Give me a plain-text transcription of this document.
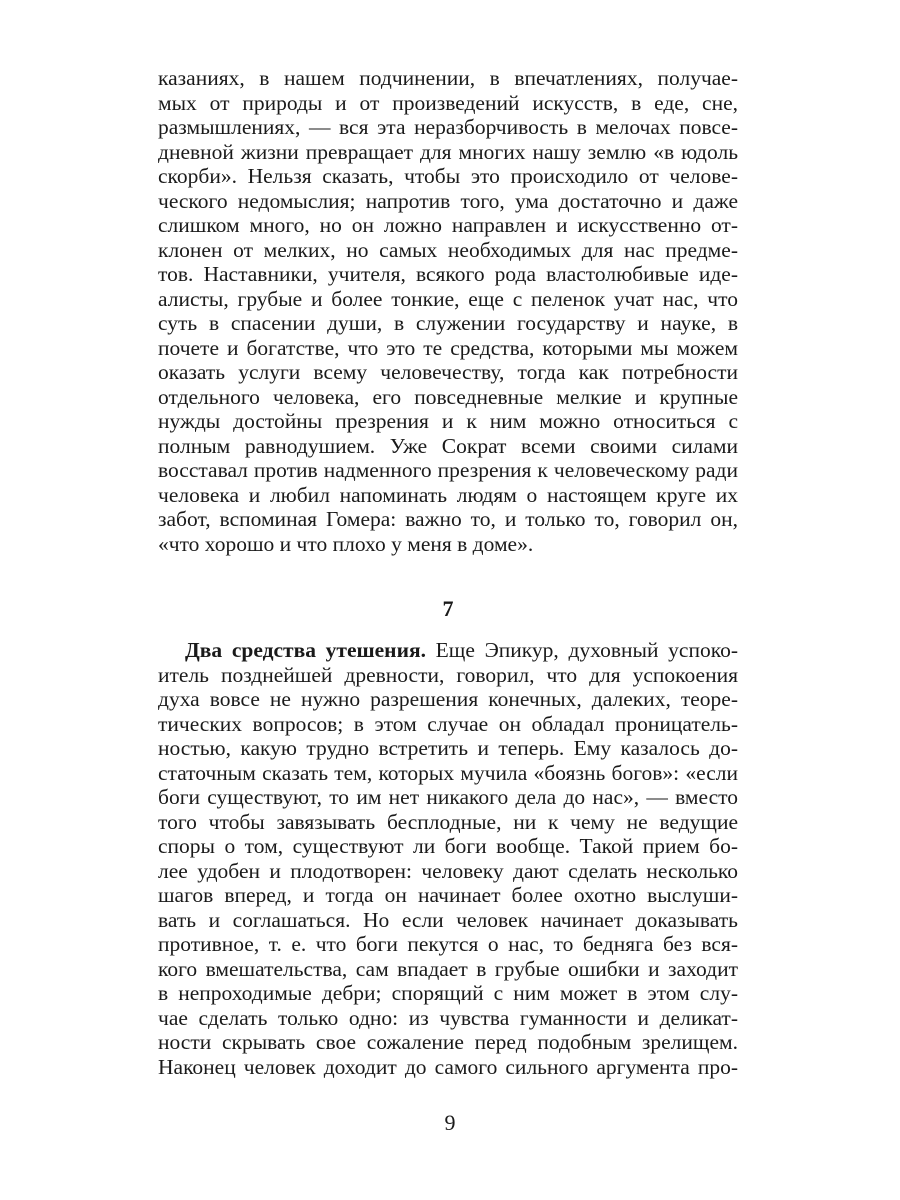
казаниях, в нашем подчинении, в впечатлениях, получае-
мых от природы и от произведений искусств, в еде, сне,
размышлениях, — вся эта неразборчивость в мелочах повсе-
дневной жизни превращает для многих нашу землю «в юдоль
скорби». Нельзя сказать, чтобы это происходило от челове-
ческого недомыслия; напротив того, ума достаточно и даже
слишком много, но он ложно направлен и искусственно от-
клонен от мелких, но самых необходимых для нас предме-
тов. Наставники, учителя, всякого рода властолюбивые иде-
алисты, грубые и более тонкие, еще с пеленок учат нас, что
суть в спасении души, в служении государству и науке, в
почете и богатстве, что это те средства, которыми мы можем
оказать услуги всему человечеству, тогда как потребности
отдельного человека, его повседневные мелкие и крупные
нужды достойны презрения и к ним можно относиться с
полным равнодушием. Уже Сократ всеми своими силами
восставал против надменного презрения к человеческому ради
человека и любил напоминать людям о настоящем круге их
забот, вспоминая Гомера: важно то, и только то, говорил он,
«что хорошо и что плохо у меня в доме».
7
Два средства утешения. Еще Эпикур, духовный успоко-
итель позднейшей древности, говорил, что для успокоения
духа вовсе не нужно разрешения конечных, далеких, теоре-
тических вопросов; в этом случае он обладал проницатель-
ностью, какую трудно встретить и теперь. Ему казалось до-
статочным сказать тем, которых мучила «боязнь богов»: «если
боги существуют, то им нет никакого дела до нас», — вместо
того чтобы завязывать бесплодные, ни к чему не ведущие
споры о том, существуют ли боги вообще. Такой прием бо-
лее удобен и плодотворен: человеку дают сделать несколько
шагов вперед, и тогда он начинает более охотно выслуши-
вать и соглашаться. Но если человек начинает доказывать
противное, т. е. что боги пекутся о нас, то бедняга без вся-
кого вмешательства, сам впадает в грубые ошибки и заходит
в непроходимые дебри; спорящий с ним может в этом слу-
чае сделать только одно: из чувства гуманности и деликат-
ности скрывать свое сожаление перед подобным зрелищем.
Наконец человек доходит до самого сильного аргумента про-
9
